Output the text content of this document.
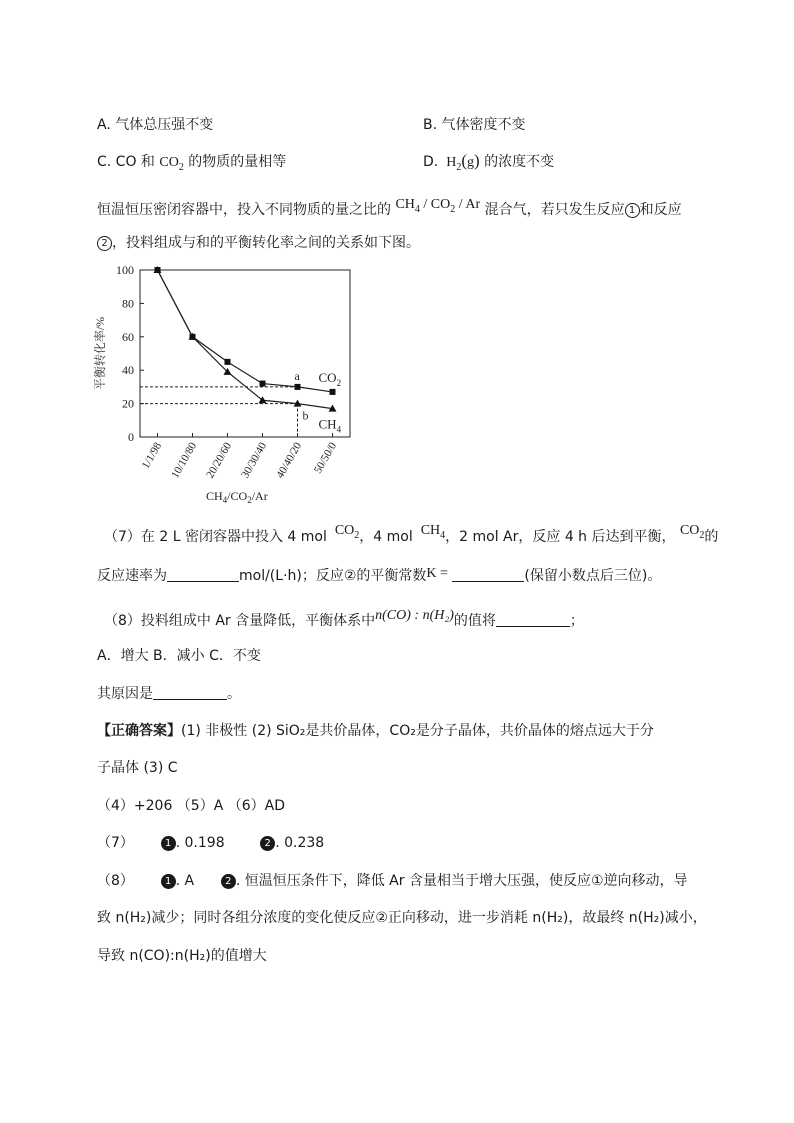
A. 气体总压强不变	B. 气体密度不变
C. CO 和 $CO_2$ 的物质的量相等	D.  $H_2(g)$ 的浓度不变
恒温恒压密闭容器中，投入不同物质的量之比的 $CH_4 / CO_2$ / Ar 混合气，若只发生反应 1 和反应
2 ，投料组成与和的平衡转化率之间的关系如下图。
0
20
40
60
80
100
1/1/98 10/10/80 20/20/60 30/30/40 40/40/20 50/50/0
$CO_2$
$CH_4$
平衡转化率/%
$CH_4/CO_2/Ar$
a
b
（7）在 2 L 密闭容器中投入 4 mol  $CO_2$，4 mol  $CH_4$，2 mol Ar，反应 4 h 后达到平衡， $CO_2$的
反应速率为	mol/(L·h)；反应②的平衡常数K =	(保留小数点后三位)。
（8）投料组成中 Ar 含量降低，平衡体系中n(CO) : n(H₂)的值将	；
A．增大 B．减小 C．不变
其原因是	。
【正确答案】(1) 非极性 (2) SiO₂是共价晶体，CO₂是分子晶体，共价晶体的熔点远大于分
子晶体 (3) C
（4）+206 （5）A （6）AD
（7）	1 . 0.198	2 . 0.238
（8）	1 . A	2 . 恒温恒压条件下，降低 Ar 含量相当于增大压强，使反应①逆向移动，导
致 n(H₂)减少；同时各组分浓度的变化使反应②正向移动，进一步消耗 n(H₂)，故最终 n(H₂)减小，
导致 n(CO):n(H₂)的值增大
